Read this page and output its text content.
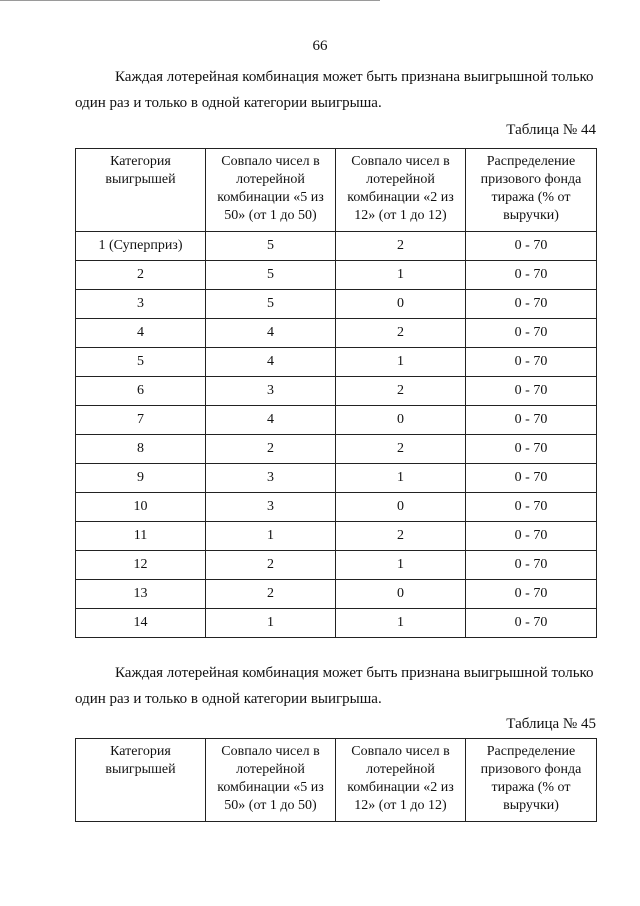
66
Каждая лотерейная комбинация может быть признана выигрышной только
один раз и только в одной категории выигрыша.
Таблица № 44
Категория выигрышей	Совпало чисел в лотерейной комбинации «5 из 50» (от 1 до 50)	Совпало чисел в лотерейной комбинации «2 из 12» (от 1 до 12)	Распределение призового фонда тиража (% от выручки)
1 (Суперприз)	5	2	0 - 70
2	5	1	0 - 70
3	5	0	0 - 70
4	4	2	0 - 70
5	4	1	0 - 70
6	3	2	0 - 70
7	4	0	0 - 70
8	2	2	0 - 70
9	3	1	0 - 70
10	3	0	0 - 70
11	1	2	0 - 70
12	2	1	0 - 70
13	2	0	0 - 70
14	1	1	0 - 70
Каждая лотерейная комбинация может быть признана выигрышной только
один раз и только в одной категории выигрыша.
Таблица № 45
Категория выигрышей	Совпало чисел в лотерейной комбинации «5 из 50» (от 1 до 50)	Совпало чисел в лотерейной комбинации «2 из 12» (от 1 до 12)	Распределение призового фонда тиража (% от выручки)
